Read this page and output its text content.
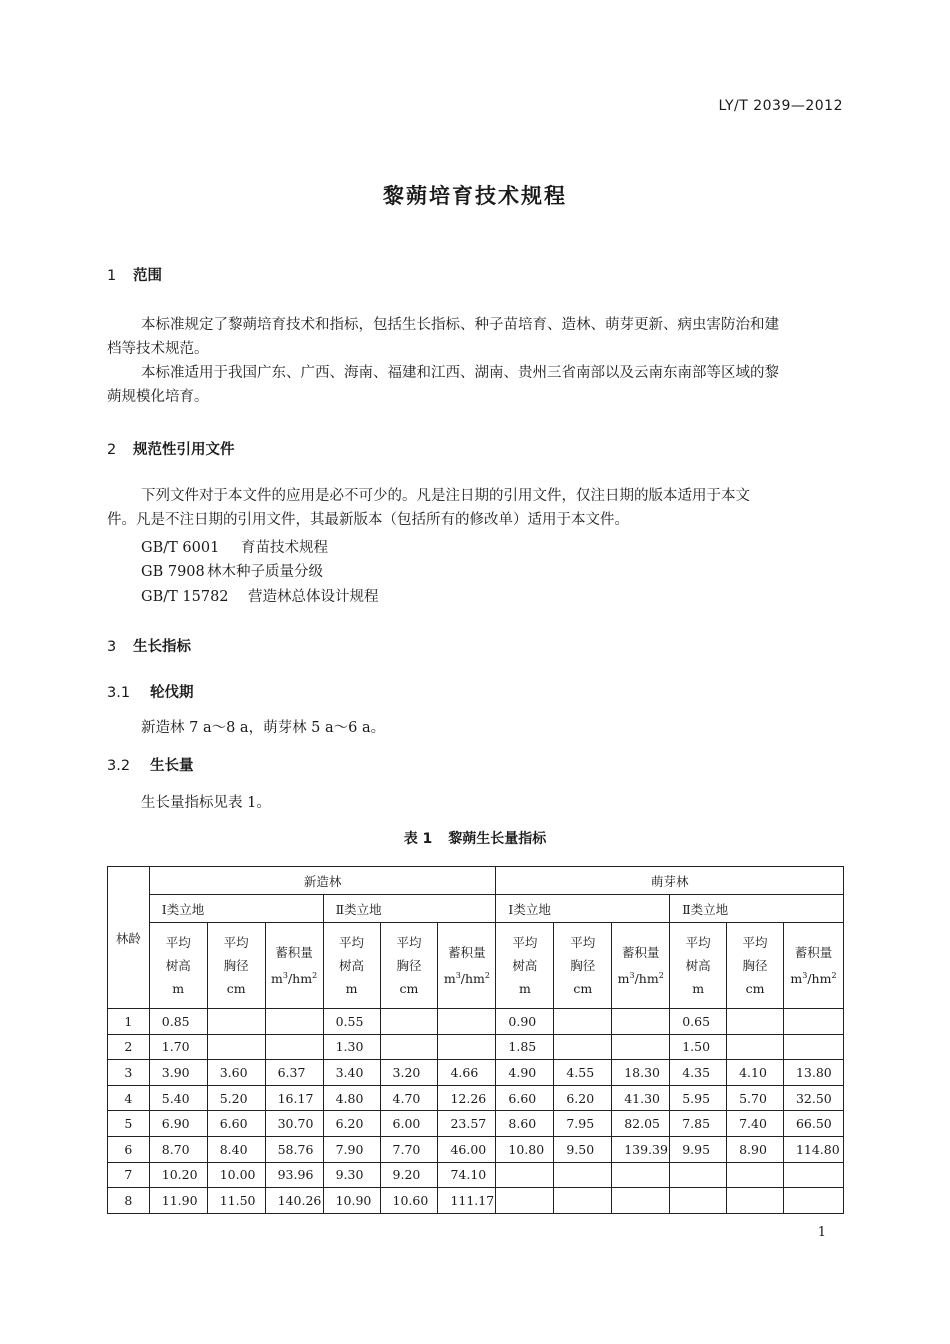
LY/T 2039—2012
黎蒴培育技术规程
1 范围
本标准规定了黎蒴培育技术和指标，包括生长指标、种子苗培育、造林、萌芽更新、病虫害防治和建
档等技术规范。
本标准适用于我国广东、广西、海南、福建和江西、湖南、贵州三省南部以及云南东南部等区域的黎
蒴规模化培育。
2 规范性引用文件
下列文件对于本文件的应用是必不可少的。凡是注日期的引用文件，仅注日期的版本适用于本文
件。凡是不注日期的引用文件，其最新版本（包括所有的修改单）适用于本文件。
GB/T 6001 育苗技术规程
GB 7908 林木种子质量分级
GB/T 15782 营造林总体设计规程
3 生长指标
3.1 轮伐期
新造林 7 a～8 a，萌芽林 5 a～6 a。
3.2 生长量
生长量指标见表 1。
表 1 黎蒴生长量指标
林龄	新造林						萌芽林					
	Ⅰ类立地			Ⅱ类立地			Ⅰ类立地			Ⅱ类立地		

	平均
树高
m	平均
胸径
cm	蓄积量
$m^3/hm^2$	平均
树高
m	平均
胸径
cm	蓄积量
$m^3/hm^2$	平均
树高
m	平均
胸径
cm	蓄积量
$m^3/hm^2$	平均
树高
m	平均
胸径
cm	蓄积量
$m^3/hm^2$

1	0.85			0.55			0.90			0.65		
2	1.70			1.30			1.85			1.50		
3	3.90	3.60	6.37	3.40	3.20	4.66	4.90	4.55	18.30	4.35	4.10	13.80
4	5.40	5.20	16.17	4.80	4.70	12.26	6.60	6.20	41.30	5.95	5.70	32.50
5	6.90	6.60	30.70	6.20	6.00	23.57	8.60	7.95	82.05	7.85	7.40	66.50
6	8.70	8.40	58.76	7.90	7.70	46.00	10.80	9.50	139.39	9.95	8.90	114.80
7	10.20	10.00	93.96	9.30	9.20	74.10						
8	11.90	11.50	140.26	10.90	10.60	111.17						
1
